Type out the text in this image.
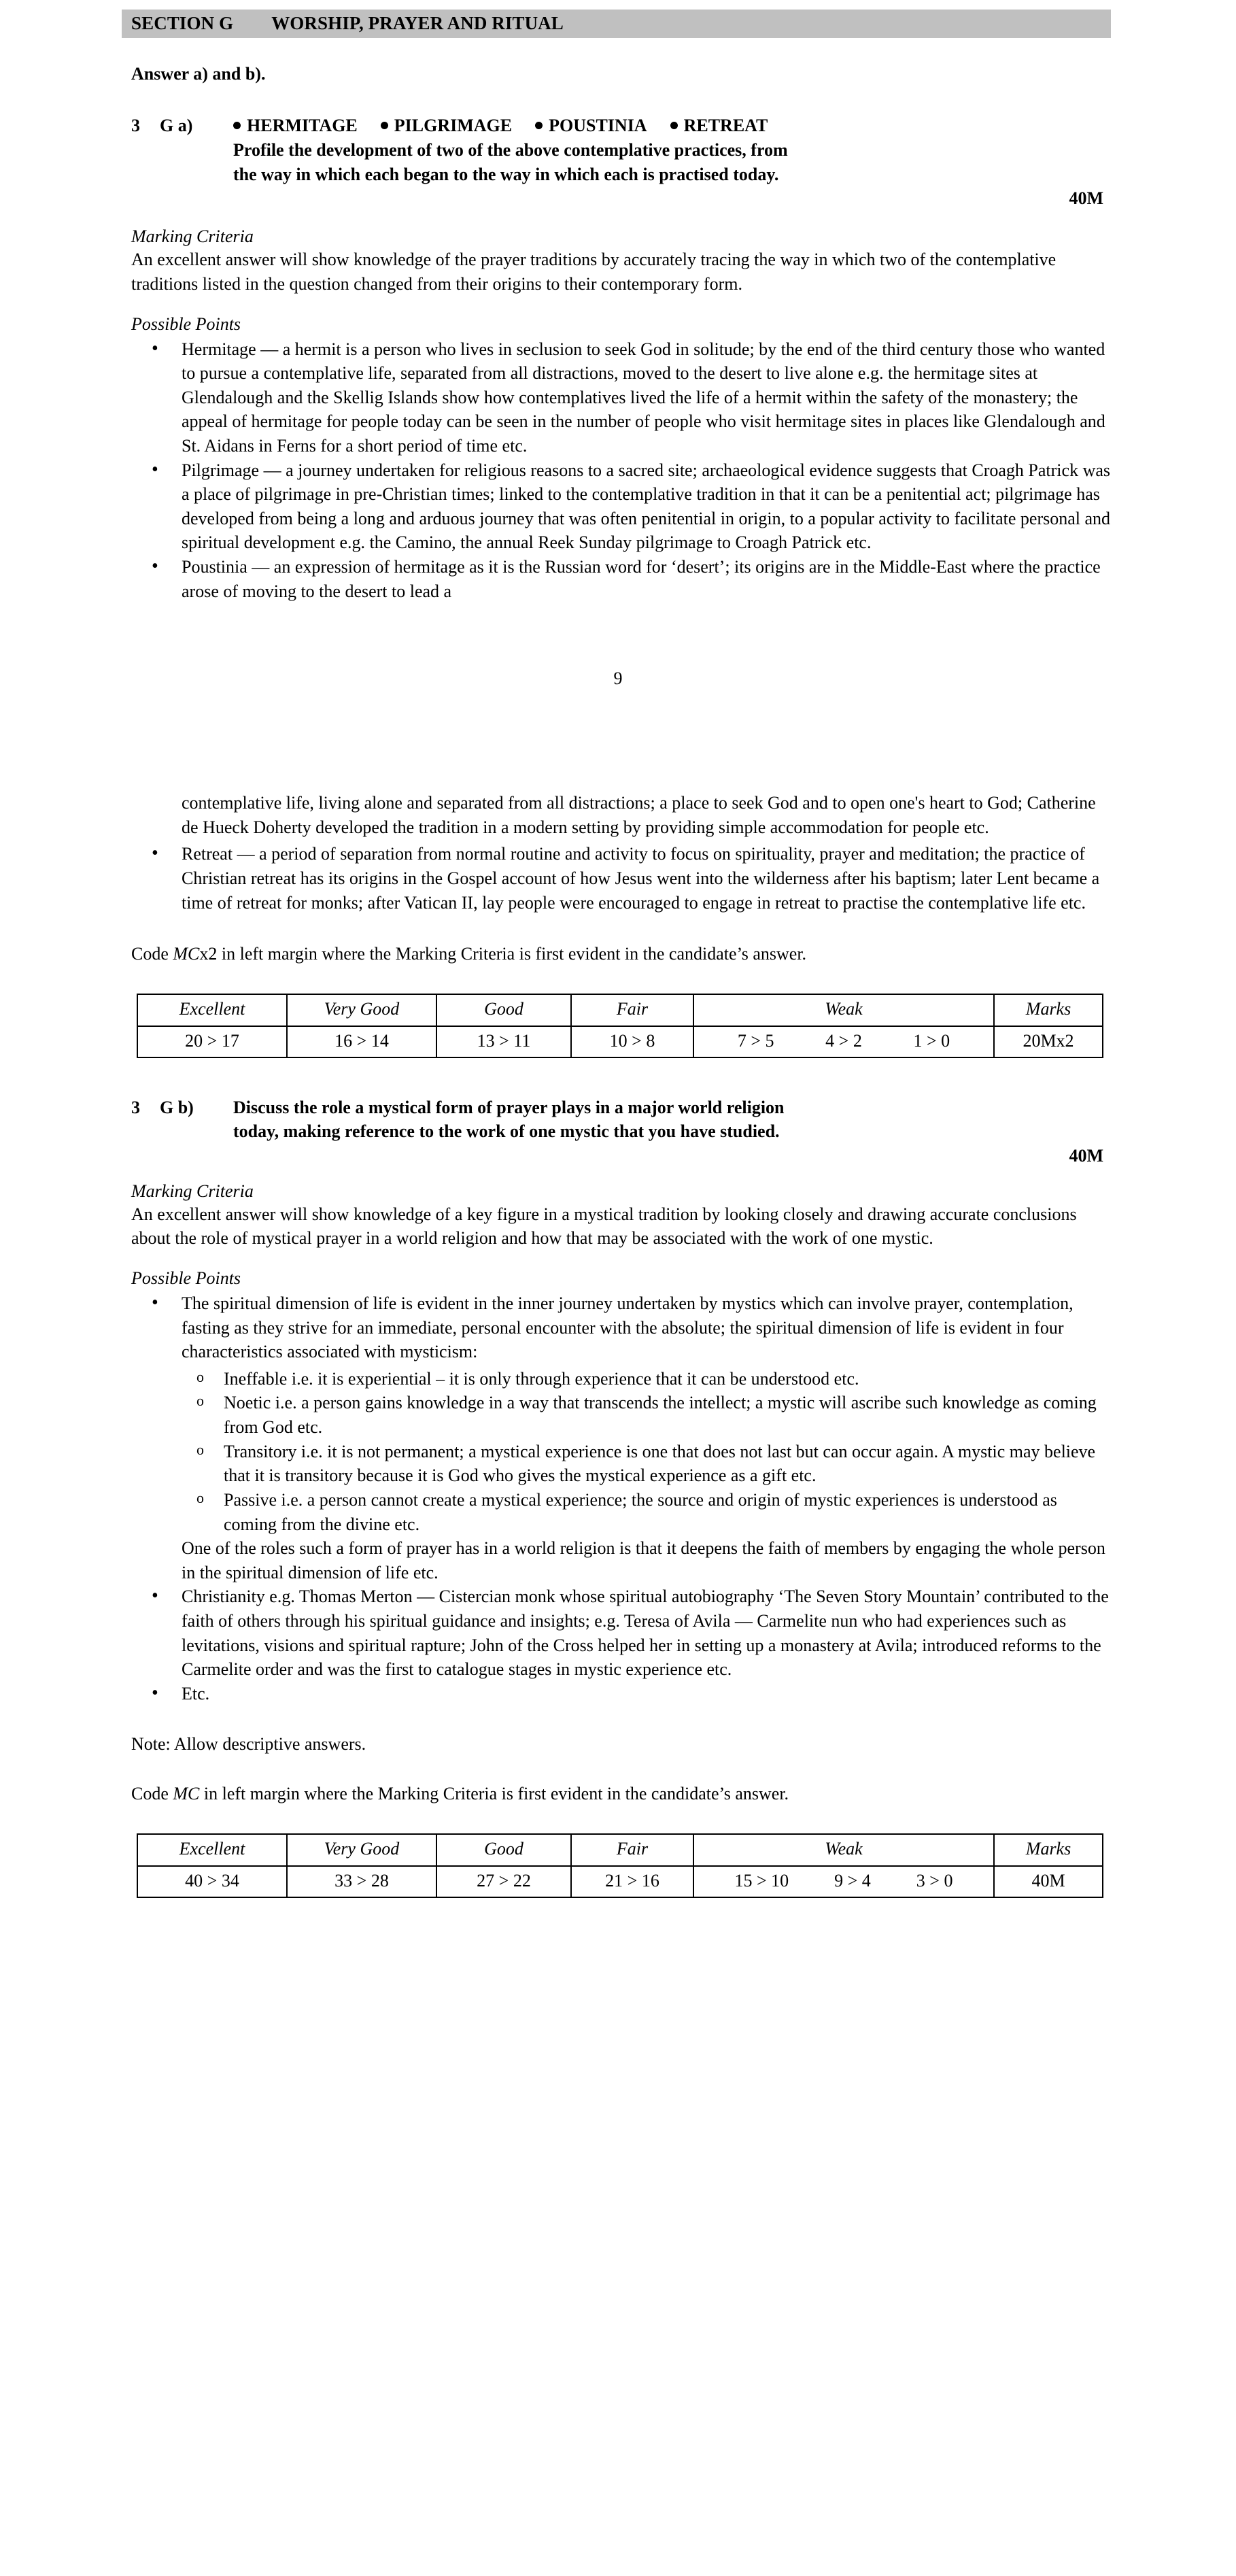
SECTION G WORSHIP, PRAYER AND RITUAL
Answer a) and b).
3	G a)	HERMITAGE	PILGRIMAGE	POUSTINIA	RETREAT
Profile the development of two of the above contemplative practices, from
the way in which each began to the way in which each is practised today.
40M
Marking Criteria
An excellent answer will show knowledge of the prayer traditions by accurately tracing the way in which two of the contemplative traditions listed in the question changed from their origins to their contemporary form.
Possible Points
• Hermitage — a hermit is a person who lives in seclusion to seek God in solitude; by the end of the third century those who wanted to pursue a contemplative life, separated from all distractions, moved to the desert to live alone e.g. the hermitage sites at Glendalough and the Skellig Islands show how contemplatives lived the life of a hermit within the safety of the monastery; the appeal of hermitage for people today can be seen in the number of people who visit hermitage sites in places like Glendalough and St. Aidans in Ferns for a short period of time etc.
• Pilgrimage — a journey undertaken for religious reasons to a sacred site; archaeological evidence suggests that Croagh Patrick was a place of pilgrimage in pre-Christian times; linked to the contemplative tradition in that it can be a penitential act; pilgrimage has developed from being a long and arduous journey that was often penitential in origin, to a popular activity to facilitate personal and spiritual development e.g. the Camino, the annual Reek Sunday pilgrimage to Croagh Patrick etc.
• Poustinia — an expression of hermitage as it is the Russian word for ‘desert’; its origins are in the Middle-East where the practice arose of moving to the desert to lead a
9
contemplative life, living alone and separated from all distractions; a place to seek God and to open one's heart to God; Catherine de Hueck Doherty developed the tradition in a modern setting by providing simple accommodation for people etc.
• Retreat — a period of separation from normal routine and activity to focus on spirituality, prayer and meditation; the practice of Christian retreat has its origins in the Gospel account of how Jesus went into the wilderness after his baptism; later Lent became a time of retreat for monks; after Vatican II, lay people were encouraged to engage in retreat to practise the contemplative life etc.
Code MCx2 in left margin where the Marking Criteria is first evident in the candidate’s answer.
Excellent	Very Good	Good	Fair	Weak	Marks
20 > 17	16 > 14	13 > 11	10 > 8	7 > 5 4 > 2 1 > 0	20Mx2
3	G b)	Discuss the role a mystical form of prayer plays in a major world religion
today, making reference to the work of one mystic that you have studied.
40M
Marking Criteria
An excellent answer will show knowledge of a key figure in a mystical tradition by looking closely and drawing accurate conclusions about the role of mystical prayer in a world religion and how that may be associated with the work of one mystic.
Possible Points
• The spiritual dimension of life is evident in the inner journey undertaken by mystics which can involve prayer, contemplation, fasting as they strive for an immediate, personal encounter with the absolute; the spiritual dimension of life is evident in four characteristics associated with mysticism:
o Ineffable i.e. it is experiential – it is only through experience that it can be understood etc.
o Noetic i.e. a person gains knowledge in a way that transcends the intellect; a mystic will ascribe such knowledge as coming from God etc.
o Transitory i.e. it is not permanent; a mystical experience is one that does not last but can occur again. A mystic may believe that it is transitory because it is God who gives the mystical experience as a gift etc.
o Passive i.e. a person cannot create a mystical experience; the source and origin of mystic experiences is understood as coming from the divine etc.
One of the roles such a form of prayer has in a world religion is that it deepens the faith of members by engaging the whole person in the spiritual dimension of life etc.
• Christianity e.g. Thomas Merton — Cistercian monk whose spiritual autobiography ‘The Seven Story Mountain’ contributed to the faith of others through his spiritual guidance and insights; e.g. Teresa of Avila — Carmelite nun who had experiences such as levitations, visions and spiritual rapture; John of the Cross helped her in setting up a monastery at Avila; introduced reforms to the Carmelite order and was the first to catalogue stages in mystic experience etc.
• Etc.
Note: Allow descriptive answers.
Code MC in left margin where the Marking Criteria is first evident in the candidate’s answer.
Excellent	Very Good	Good	Fair	Weak	Marks
40 > 34	33 > 28	27 > 22	21 > 16	15 > 10 9 > 4 3 > 0	40M
